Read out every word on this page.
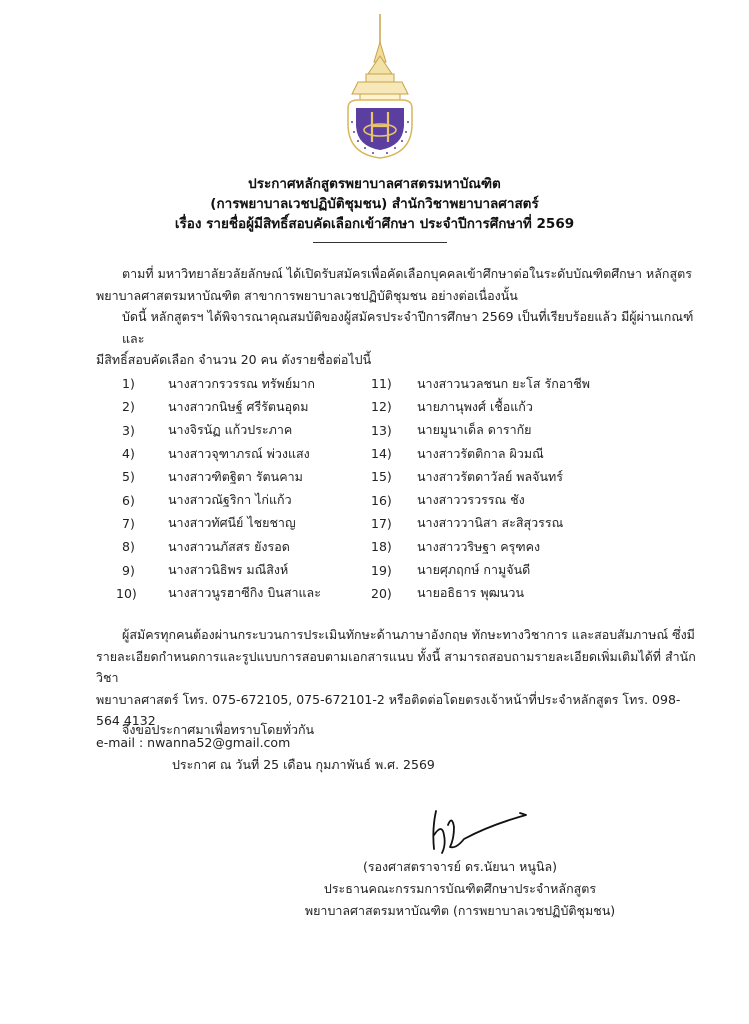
ประกาศหลักสูตรพยาบาลศาสตรมหาบัณฑิต
(การพยาบาลเวชปฏิบัติชุมชน) สำนักวิชาพยาบาลศาสตร์
เรื่อง รายชื่อผู้มีสิทธิ์สอบคัดเลือกเข้าศึกษา ประจำปีการศึกษาที่ 2569
ตามที่ มหาวิทยาลัยวลัยลักษณ์ ได้เปิดรับสมัครเพื่อคัดเลือกบุคคลเข้าศึกษาต่อในระดับบัณฑิตศึกษา หลักสูตร
พยาบาลศาสตรมหาบัณฑิต สาขาการพยาบาลเวชปฏิบัติชุมชน อย่างต่อเนื่องนั้น
บัดนี้ หลักสูตรฯ ได้พิจารณาคุณสมบัติของผู้สมัครประจำปีการศึกษา 2569 เป็นที่เรียบร้อยแล้ว มีผู้ผ่านเกณฑ์และ
มีสิทธิ์สอบคัดเลือก จำนวน 20 คน ดังรายชื่อต่อไปนี้
1)	นางสาวกรวรรณ ทรัพย์มาก
2)	นางสาวกนิษฐ์ ศรีรัตนอุดม
3)	นางจิรนัฏ แก้วประภาค
4)	นางสาวจุฑาภรณ์ พ่วงแสง
5)	นางสาวฑิตฐิตา รัตนคาม
6)	นางสาวณัฐริกา ไก่แก้ว
7)	นางสาวทัศนีย์ ไชยชาญ
8)	นางสาวนภัสสร ยังรอด
9)	นางสาวนิธิพร มณีสิงห์
10)	นางสาวนูรฮาซีกิง บินสาและ
11)	นางสาวนวลชนก ยะโส รักอาชีพ
12)	นายภานุพงศ์ เชื้อแก้ว
13)	นายมูนาเด็ล ดารากัย
14)	นางสาวรัตติกาล ผิวมณี
15)	นางสาวรัตดาวัลย์ พลจันทร์
16)	นางสาววรวรรณ ชัง
17)	นางสาววานิสา สะสิสุวรรณ
18)	นางสาววริษฐา ครุฑคง
19)	นายศุภฤกษ์ กามูจันดี
20)	นายอธิธาร พุฒนวน
ผู้สมัครทุกคนต้องผ่านกระบวนการประเมินทักษะด้านภาษาอังกฤษ ทักษะทางวิชาการ และสอบสัมภาษณ์ ซึ่งมี
รายละเอียดกำหนดการและรูปแบบการสอบตามเอกสารแนบ ทั้งนี้ สามารถสอบถามรายละเอียดเพิ่มเติมได้ที่ สำนักวิชา
พยาบาลศาสตร์ โทร. 075-672105, 075-672101-2 หรือติดต่อโดยตรงเจ้าหน้าที่ประจำหลักสูตร โทร. 098-564 4132
e-mail : nwanna52@gmail.com
จึงขอประกาศมาเพื่อทราบโดยทั่วกัน
ประกาศ ณ วันที่ 25 เดือน กุมภาพันธ์ พ.ศ. 2569
(รองศาสตราจารย์ ดร.นัยนา หนูนิล)
ประธานคณะกรรมการบัณฑิตศึกษาประจำหลักสูตร
พยาบาลศาสตรมหาบัณฑิต (การพยาบาลเวชปฏิบัติชุมชน)
